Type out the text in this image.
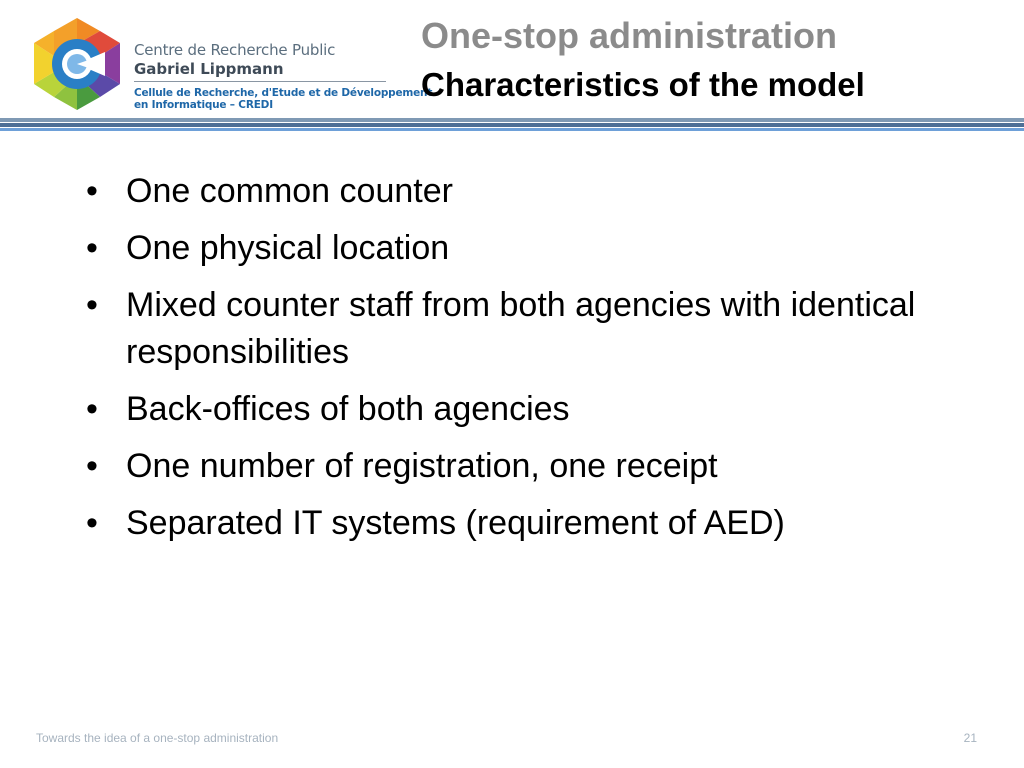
Centre de Recherche Public
Gabriel Lippmann
Cellule de Recherche, d'Etude et de Développement
en Informatique – CREDI
One-stop administration
Characteristics of the model
• One common counter
• One physical location
• Mixed counter staff from both agencies with identical responsibilities
• Back-offices of both agencies
• One number of registration, one receipt
• Separated IT systems (requirement of AED)
Towards the idea of a one-stop administration	21
